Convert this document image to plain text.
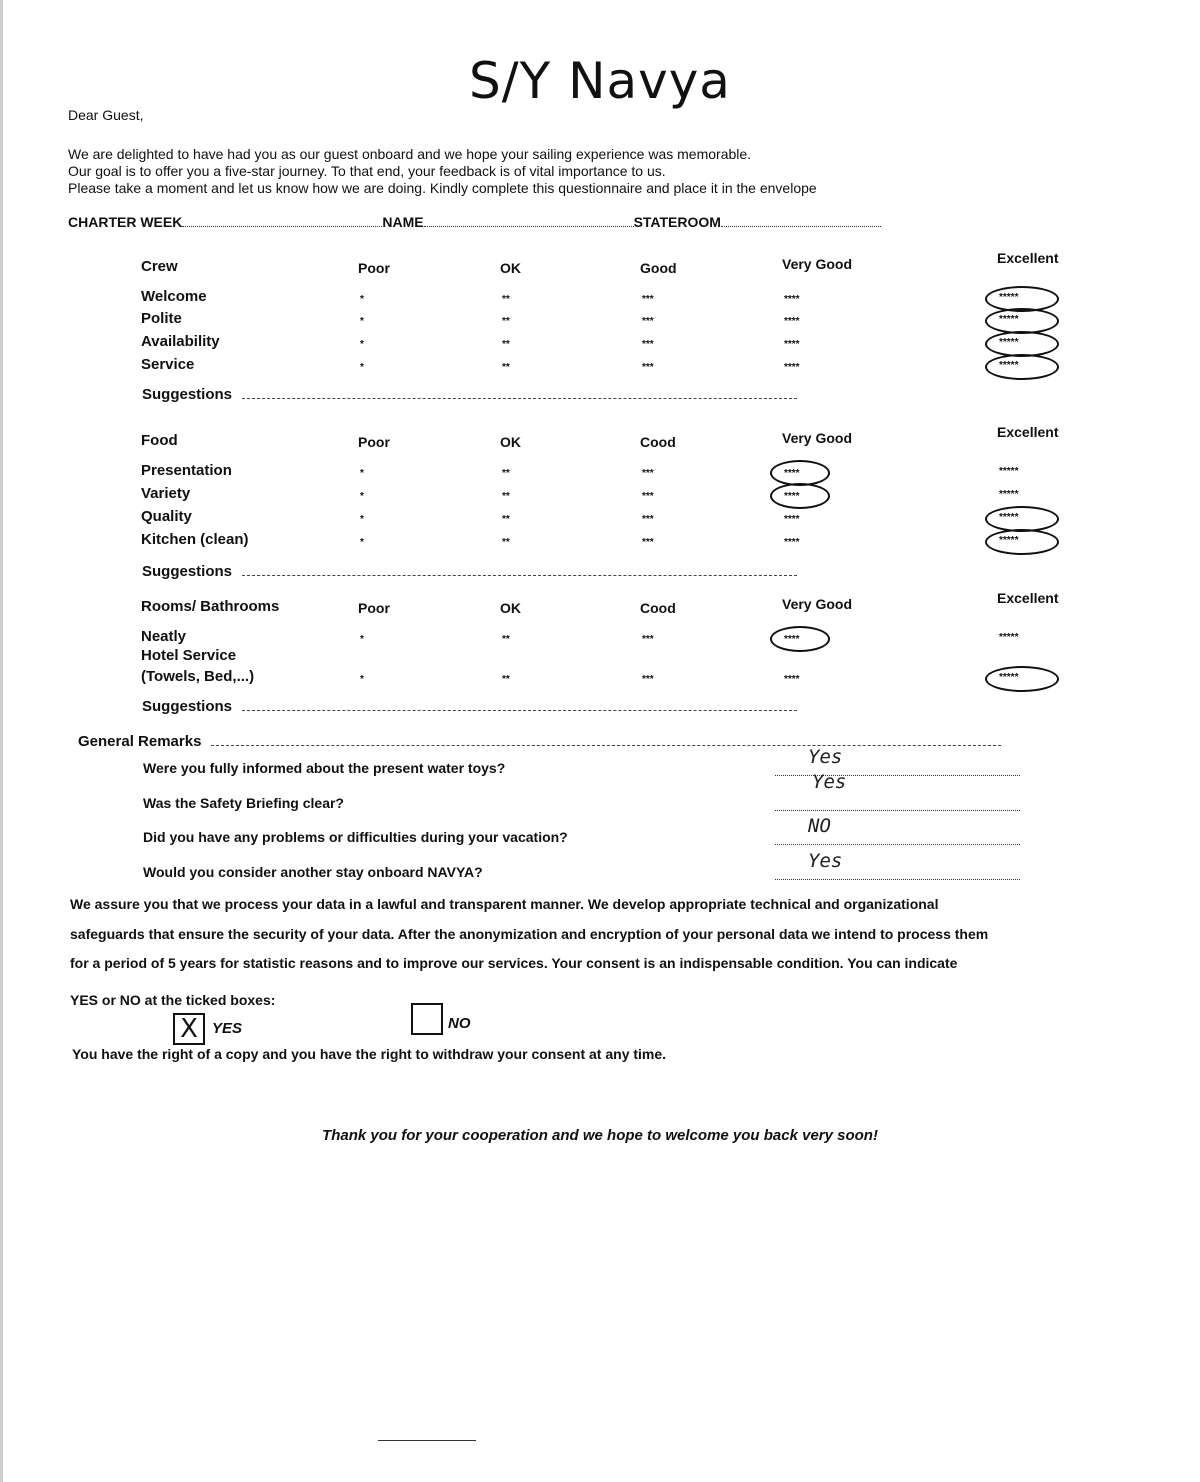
S/Y Navya
Dear Guest,
We are delighted to have had you as our guest onboard and we hope your sailing experience was memorable.
Our goal is to offer you a five-star journey. To that end, your feedback is of vital importance to us.
Please take a moment and let us know how we are doing. Kindly complete this questionnaire and place it in the envelope
CHARTER WEEK	NAME	STATEROOM
Crew	Poor	OK	Good	Very Good	Excellent
Welcome	*	**	***	****	*****
Polite	*	**	***	****	*****
Availability	*	**	***	****	*****
Service	*	**	***	****	*****
Suggestions
Food	Poor	OK	Cood	Very Good	Excellent
Presentation	*	**	***	****	*****
Variety	*	**	***	****	*****
Quality	*	**	***	****	*****
Kitchen (clean)	*	**	***	****	*****
Suggestions
Rooms/ Bathrooms	Poor	OK	Cood	Very Good	Excellent
Neatly	*	**	***	****	*****
Hotel Service
(Towels, Bed,...)	*	**	***	****	*****
Suggestions
General Remarks
Were you fully informed about the present water toys?	Yes
Was the Safety Briefing clear?
Yes
Did you have any problems or difficulties during your vacation?	NO
Would you consider another stay onboard NAVYA?	Yes
We assure you that we process your data in a lawful and transparent manner. We develop appropriate technical and organizational
safeguards that ensure the security of your data. After the anonymization and encryption of your personal data we intend to process them
for a period of 5 years for statistic reasons and to improve our services. Your consent is an indispensable condition. You can indicate
YES or NO at the ticked boxes:
X YES	NO
You have the right of a copy and you have the right to withdraw your consent at any time.
Thank you for your cooperation and we hope to welcome you back very soon!
